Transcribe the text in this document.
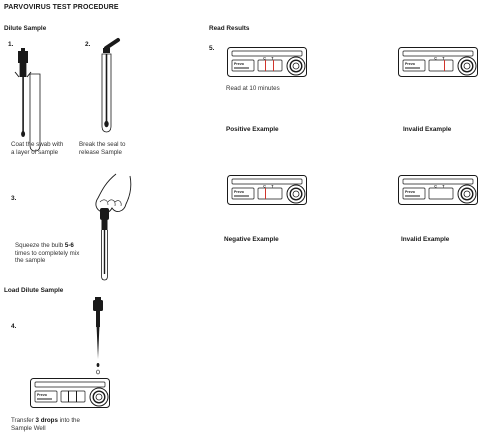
PARVOVIRUS TEST PROCEDURE
Dilute Sample	Read Results
Load Dilute Sample
1.	2.
3.
4.
5.
Coat the swab with a layer of sample
Break the seal to release Sample
Squeeze the bulb 5-6 times to completely mix the sample
Prevo
Transfer 3 drops into the Sample Well
Prevo
C T
Read at 10 minutes
Prevo
C T
Positive Example	Invalid Example
Prevo
C T
Prevo
C T
Negative Example	Invalid Example
